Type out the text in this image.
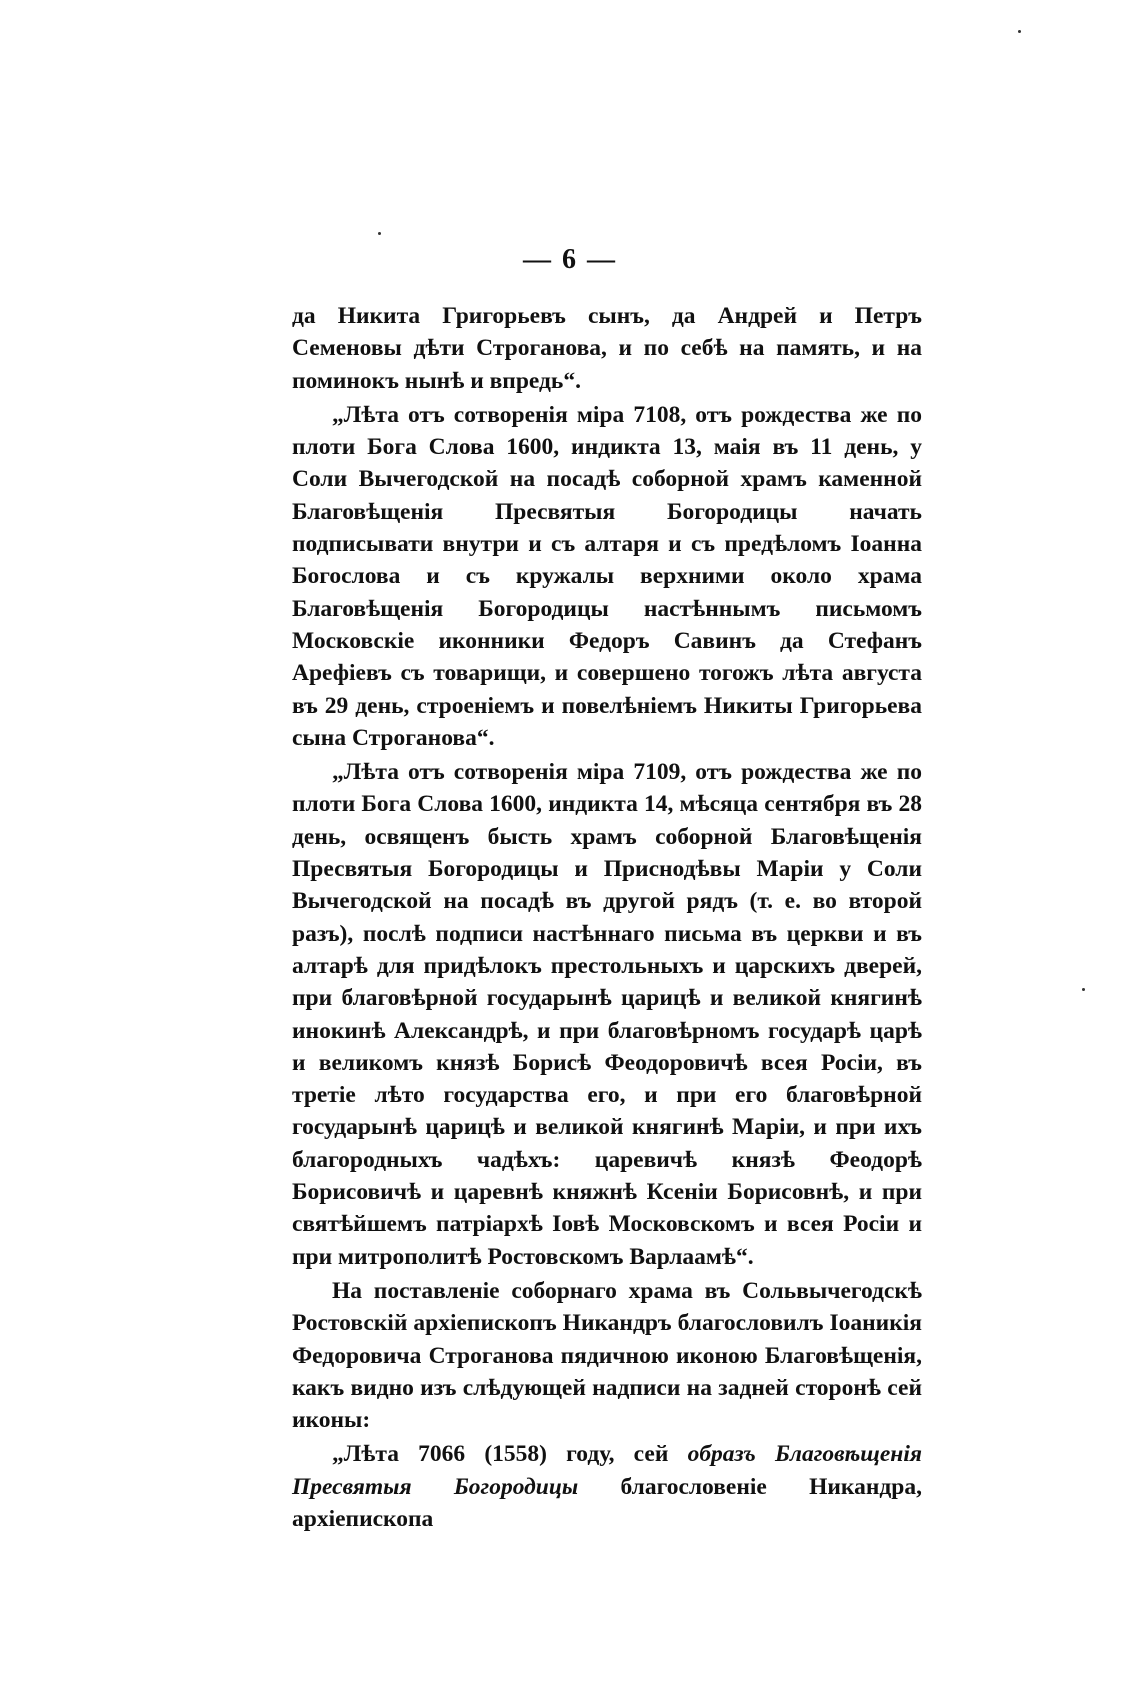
— 6 —

да Никита Григорьевъ сынъ, да Андрей и Петръ Семеновы дѣти Строганова, и по себѣ на память, и на поминокъ нынѣ и впредь“.

„Лѣта отъ сотворенія міра 7108, отъ рождества же по плоти Бога Слова 1600, индикта 13, маія въ 11 день, у Соли Вычегодской на посадѣ соборной храмъ каменной Благовѣщенія Пресвятыя Богородицы начать подписывати внутри и съ алтаря и съ предѣломъ Іоанна Богослова и съ кружалы верхними около храма Благовѣщенія Богородицы настѣннымъ письмомъ Московскіе иконники Федоръ Савинъ да Стефанъ Арефіевъ съ товарищи, и совершено тогожъ лѣта августа въ 29 день, строеніемъ и повелѣніемъ Никиты Григорьева сына Строганова“.

„Лѣта отъ сотворенія міра 7109, отъ рождества же по плоти Бога Слова 1600, индикта 14, мѣсяца сентября въ 28 день, освященъ бысть храмъ соборной Благовѣщенія Пресвятыя Богородицы и Приснодѣвы Маріи у Соли Вычегодской на посадѣ въ другой рядъ (т. е. во второй разъ), послѣ подписи настѣннаго письма въ церкви и въ алтарѣ для придѣлокъ престольныхъ и царскихъ дверей, при благовѣрной государынѣ царицѣ и великой княгинѣ инокинѣ Александрѣ, и при благовѣрномъ государѣ царѣ и великомъ князѣ Борисѣ Феодоровичѣ всея Росіи, въ третіе лѣто государства его, и при его благовѣрной государынѣ царицѣ и великой княгинѣ Маріи, и при ихъ благородныхъ чадѣхъ: царевичѣ князѣ Феодорѣ Борисовичѣ и царевнѣ княжнѣ Ксеніи Борисовнѣ, и при святѣйшемъ патріархѣ Іовѣ Московскомъ и всея Росіи и при митрополитѣ Ростовскомъ Варлаамѣ“.

На поставленіе соборнаго храма въ Сольвычегодскѣ Ростовскій архіепископъ Никандръ благословилъ Іоаникія Федоровича Строганова пядичною иконою Благовѣщенія, какъ видно изъ слѣдующей надписи на задней сторонѣ сей иконы:

„Лѣта 7066 (1558) году, сей образъ Благовѣщенія Пресвятыя Богородицы благословеніе Никандра, архіепископа
